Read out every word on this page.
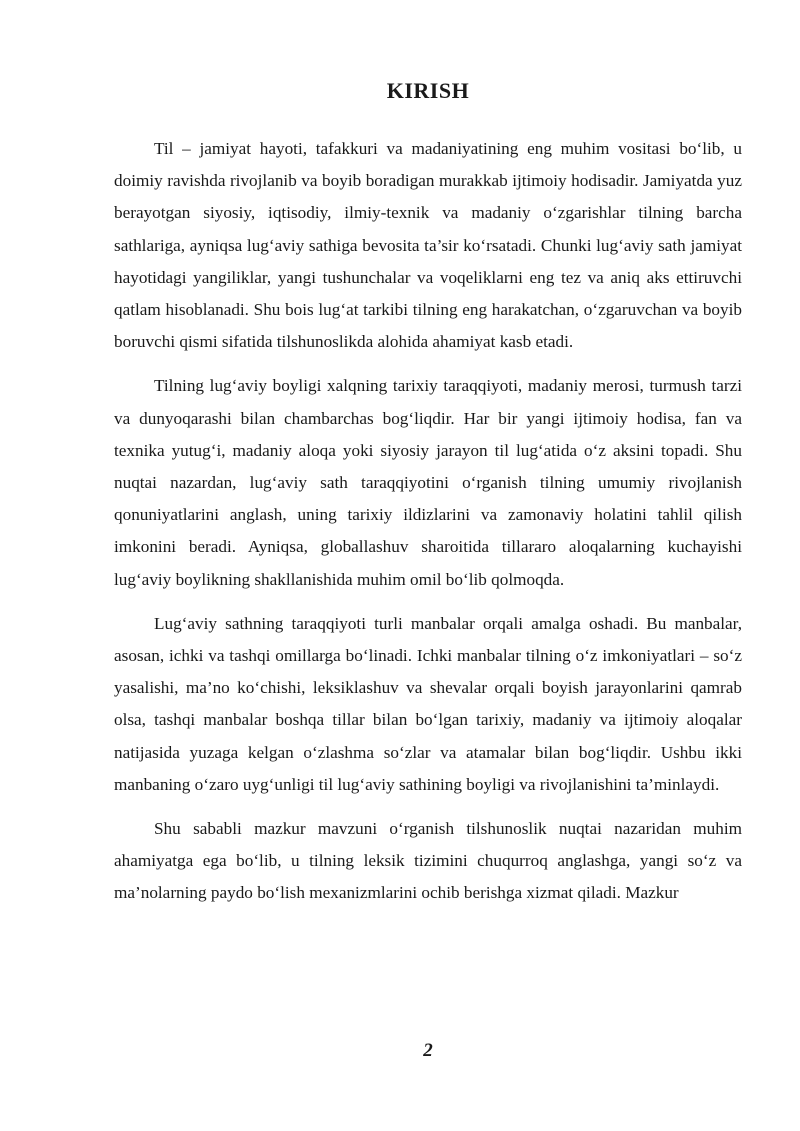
KIRISH

Til – jamiyat hayoti, tafakkuri va madaniyatining eng muhim vositasi bo‘lib, u doimiy ravishda rivojlanib va boyib boradigan murakkab ijtimoiy hodisadir. Jamiyatda yuz berayotgan siyosiy, iqtisodiy, ilmiy-texnik va madaniy o‘zgarishlar tilning barcha sathlariga, ayniqsa lug‘aviy sathiga bevosita ta’sir ko‘rsatadi. Chunki lug‘aviy sath jamiyat hayotidagi yangiliklar, yangi tushunchalar va voqeliklarni eng tez va aniq aks ettiruvchi qatlam hisoblanadi. Shu bois lug‘at tarkibi tilning eng harakatchan, o‘zgaruvchan va boyib boruvchi qismi sifatida tilshunoslikda alohida ahamiyat kasb etadi.

Tilning lug‘aviy boyligi xalqning tarixiy taraqqiyoti, madaniy merosi, turmush tarzi va dunyoqarashi bilan chambarchas bog‘liqdir. Har bir yangi ijtimoiy hodisa, fan va texnika yutug‘i, madaniy aloqa yoki siyosiy jarayon til lug‘atida o‘z aksini topadi. Shu nuqtai nazardan, lug‘aviy sath taraqqiyotini o‘rganish tilning umumiy rivojlanish qonuniyatlarini anglash, uning tarixiy ildizlarini va zamonaviy holatini tahlil qilish imkonini beradi. Ayniqsa, globallashuv sharoitida tillararo aloqalarning kuchayishi lug‘aviy boylikning shakllanishida muhim omil bo‘lib qolmoqda.

Lug‘aviy sathning taraqqiyoti turli manbalar orqali amalga oshadi. Bu manbalar, asosan, ichki va tashqi omillarga bo‘linadi. Ichki manbalar tilning o‘z imkoniyatlari – so‘z yasalishi, ma’no ko‘chishi, leksiklashuv va shevalar orqali boyish jarayonlarini qamrab olsa, tashqi manbalar boshqa tillar bilan bo‘lgan tarixiy, madaniy va ijtimoiy aloqalar natijasida yuzaga kelgan o‘zlashma so‘zlar va atamalar bilan bog‘liqdir. Ushbu ikki manbaning o‘zaro uyg‘unligi til lug‘aviy sathining boyligi va rivojlanishini ta’minlaydi.

Shu sababli mazkur mavzuni o‘rganish tilshunoslik nuqtai nazaridan muhim ahamiyatga ega bo‘lib, u tilning leksik tizimini chuqurroq anglashga, yangi so‘z va ma’nolarning paydo bo‘lish mexanizmlarini ochib berishga xizmat qiladi. Mazkur

2
